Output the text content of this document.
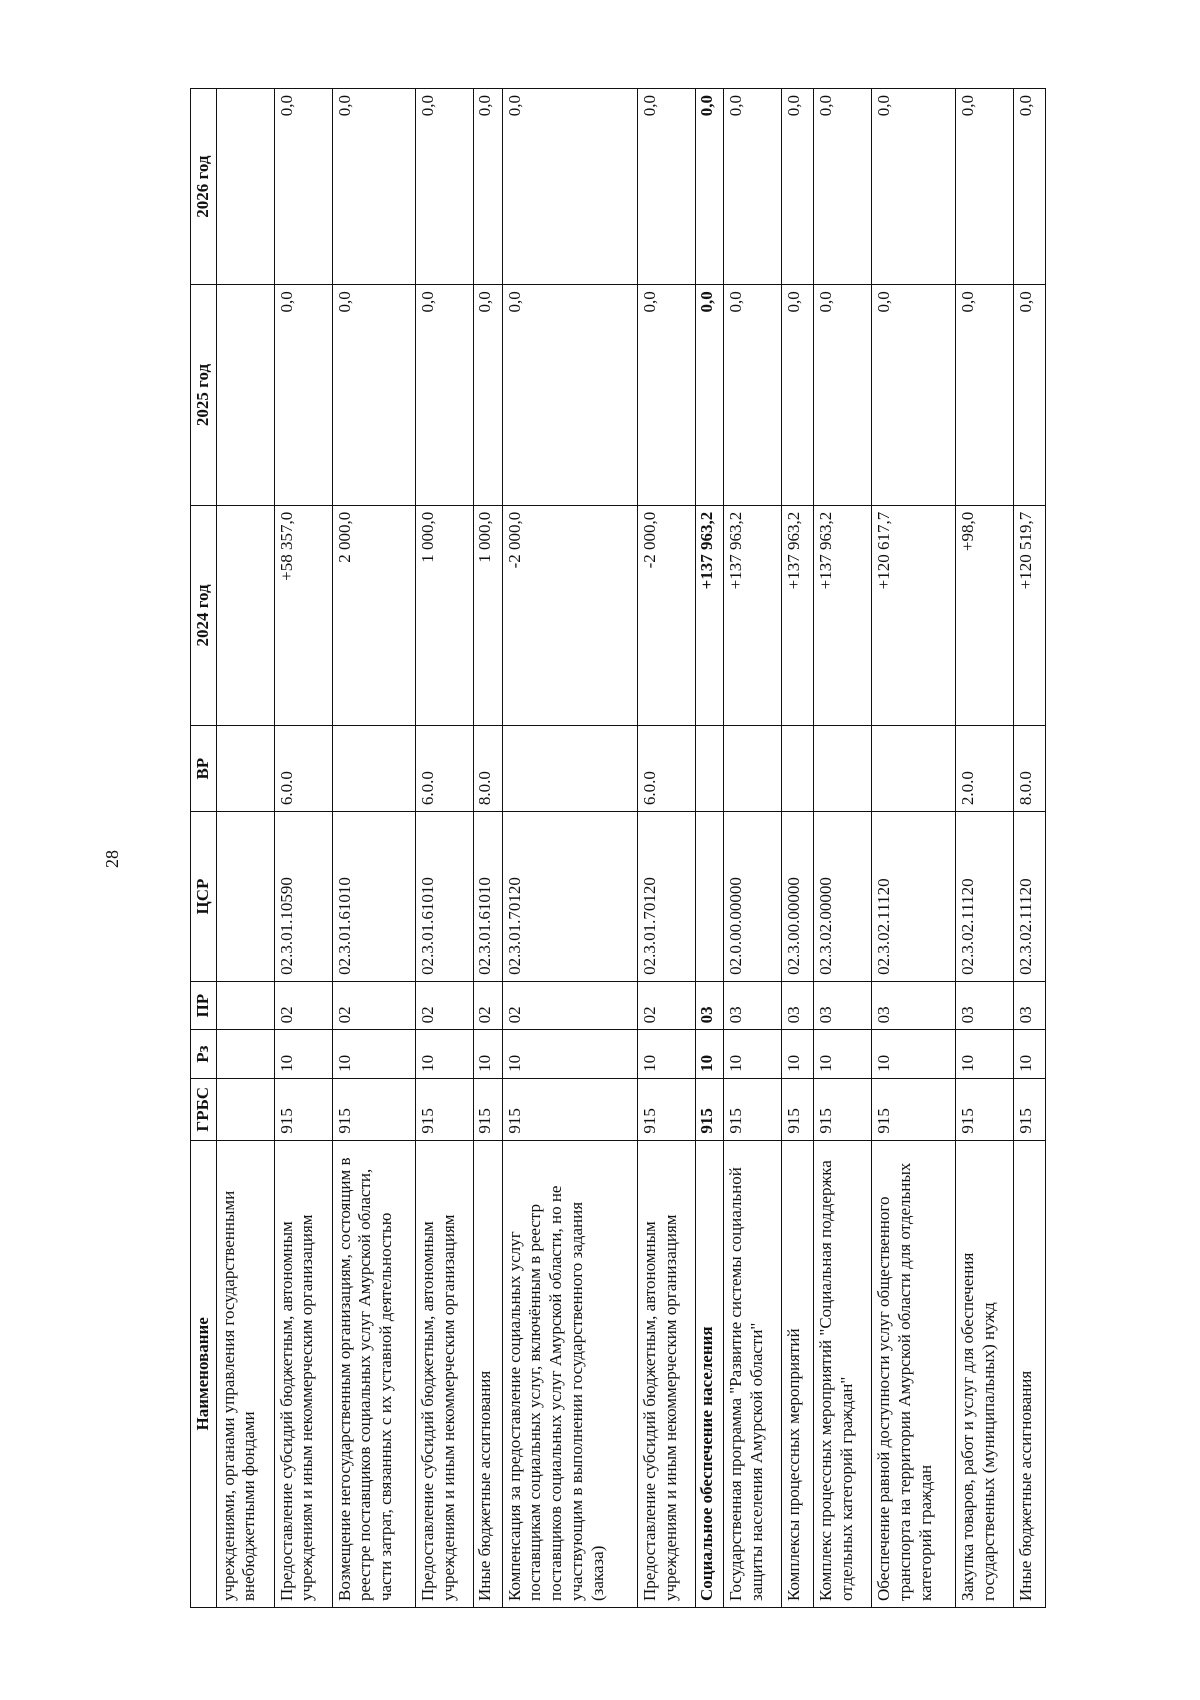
28
Наименование	ГРБС	Рз	ПР	ЦСР	ВР	2024 год	2025 год	2026 год
учреждениями, органами управления государственными внебюджетными фондами								
Предоставление субсидий бюджетным, автономным учреждениям и иным некоммерческим организациям	915	10	02	02.3.01.10590	6.0.0	+58 357,0	0,0	0,0
Возмещение негосударственным организациям, состоящим в реестре поставщиков социальных услуг Амурской области, части затрат, связанных с их уставной деятельностью	915	10	02	02.3.01.61010		2 000,0	0,0	0,0
Предоставление субсидий бюджетным, автономным учреждениям и иным некоммерческим организациям	915	10	02	02.3.01.61010	6.0.0	1 000,0	0,0	0,0
Иные бюджетные ассигнования	915	10	02	02.3.01.61010	8.0.0	1 000,0	0,0	0,0
Компенсация за предоставление социальных услуг поставщикам социальных услуг, включённым в реестр поставщиков социальных услуг Амурской области, но не участвующим в выполнении государственного задания (заказа)	915	10	02	02.3.01.70120		-2 000,0	0,0	0,0
Предоставление субсидий бюджетным, автономным учреждениям и иным некоммерческим организациям	915	10	02	02.3.01.70120	6.0.0	-2 000,0	0,0	0,0
Социальное обеспечение населения	915	10	03			+137 963,2	0,0	0,0
Государственная программа "Развитие системы социальной защиты населения Амурской области"	915	10	03	02.0.00.00000		+137 963,2	0,0	0,0
Комплексы процессных мероприятий	915	10	03	02.3.00.00000		+137 963,2	0,0	0,0
Комплекс процессных мероприятий "Социальная поддержка отдельных категорий граждан"	915	10	03	02.3.02.00000		+137 963,2	0,0	0,0
Обеспечение равной доступности услуг общественного транспорта на территории Амурской области для отдельных категорий граждан	915	10	03	02.3.02.11120		+120 617,7	0,0	0,0
Закупка товаров, работ и услуг для обеспечения государственных (муниципальных) нужд	915	10	03	02.3.02.11120	2.0.0	+98,0	0,0	0,0
Иные бюджетные ассигнования	915	10	03	02.3.02.11120	8.0.0	+120 519,7	0,0	0,0
